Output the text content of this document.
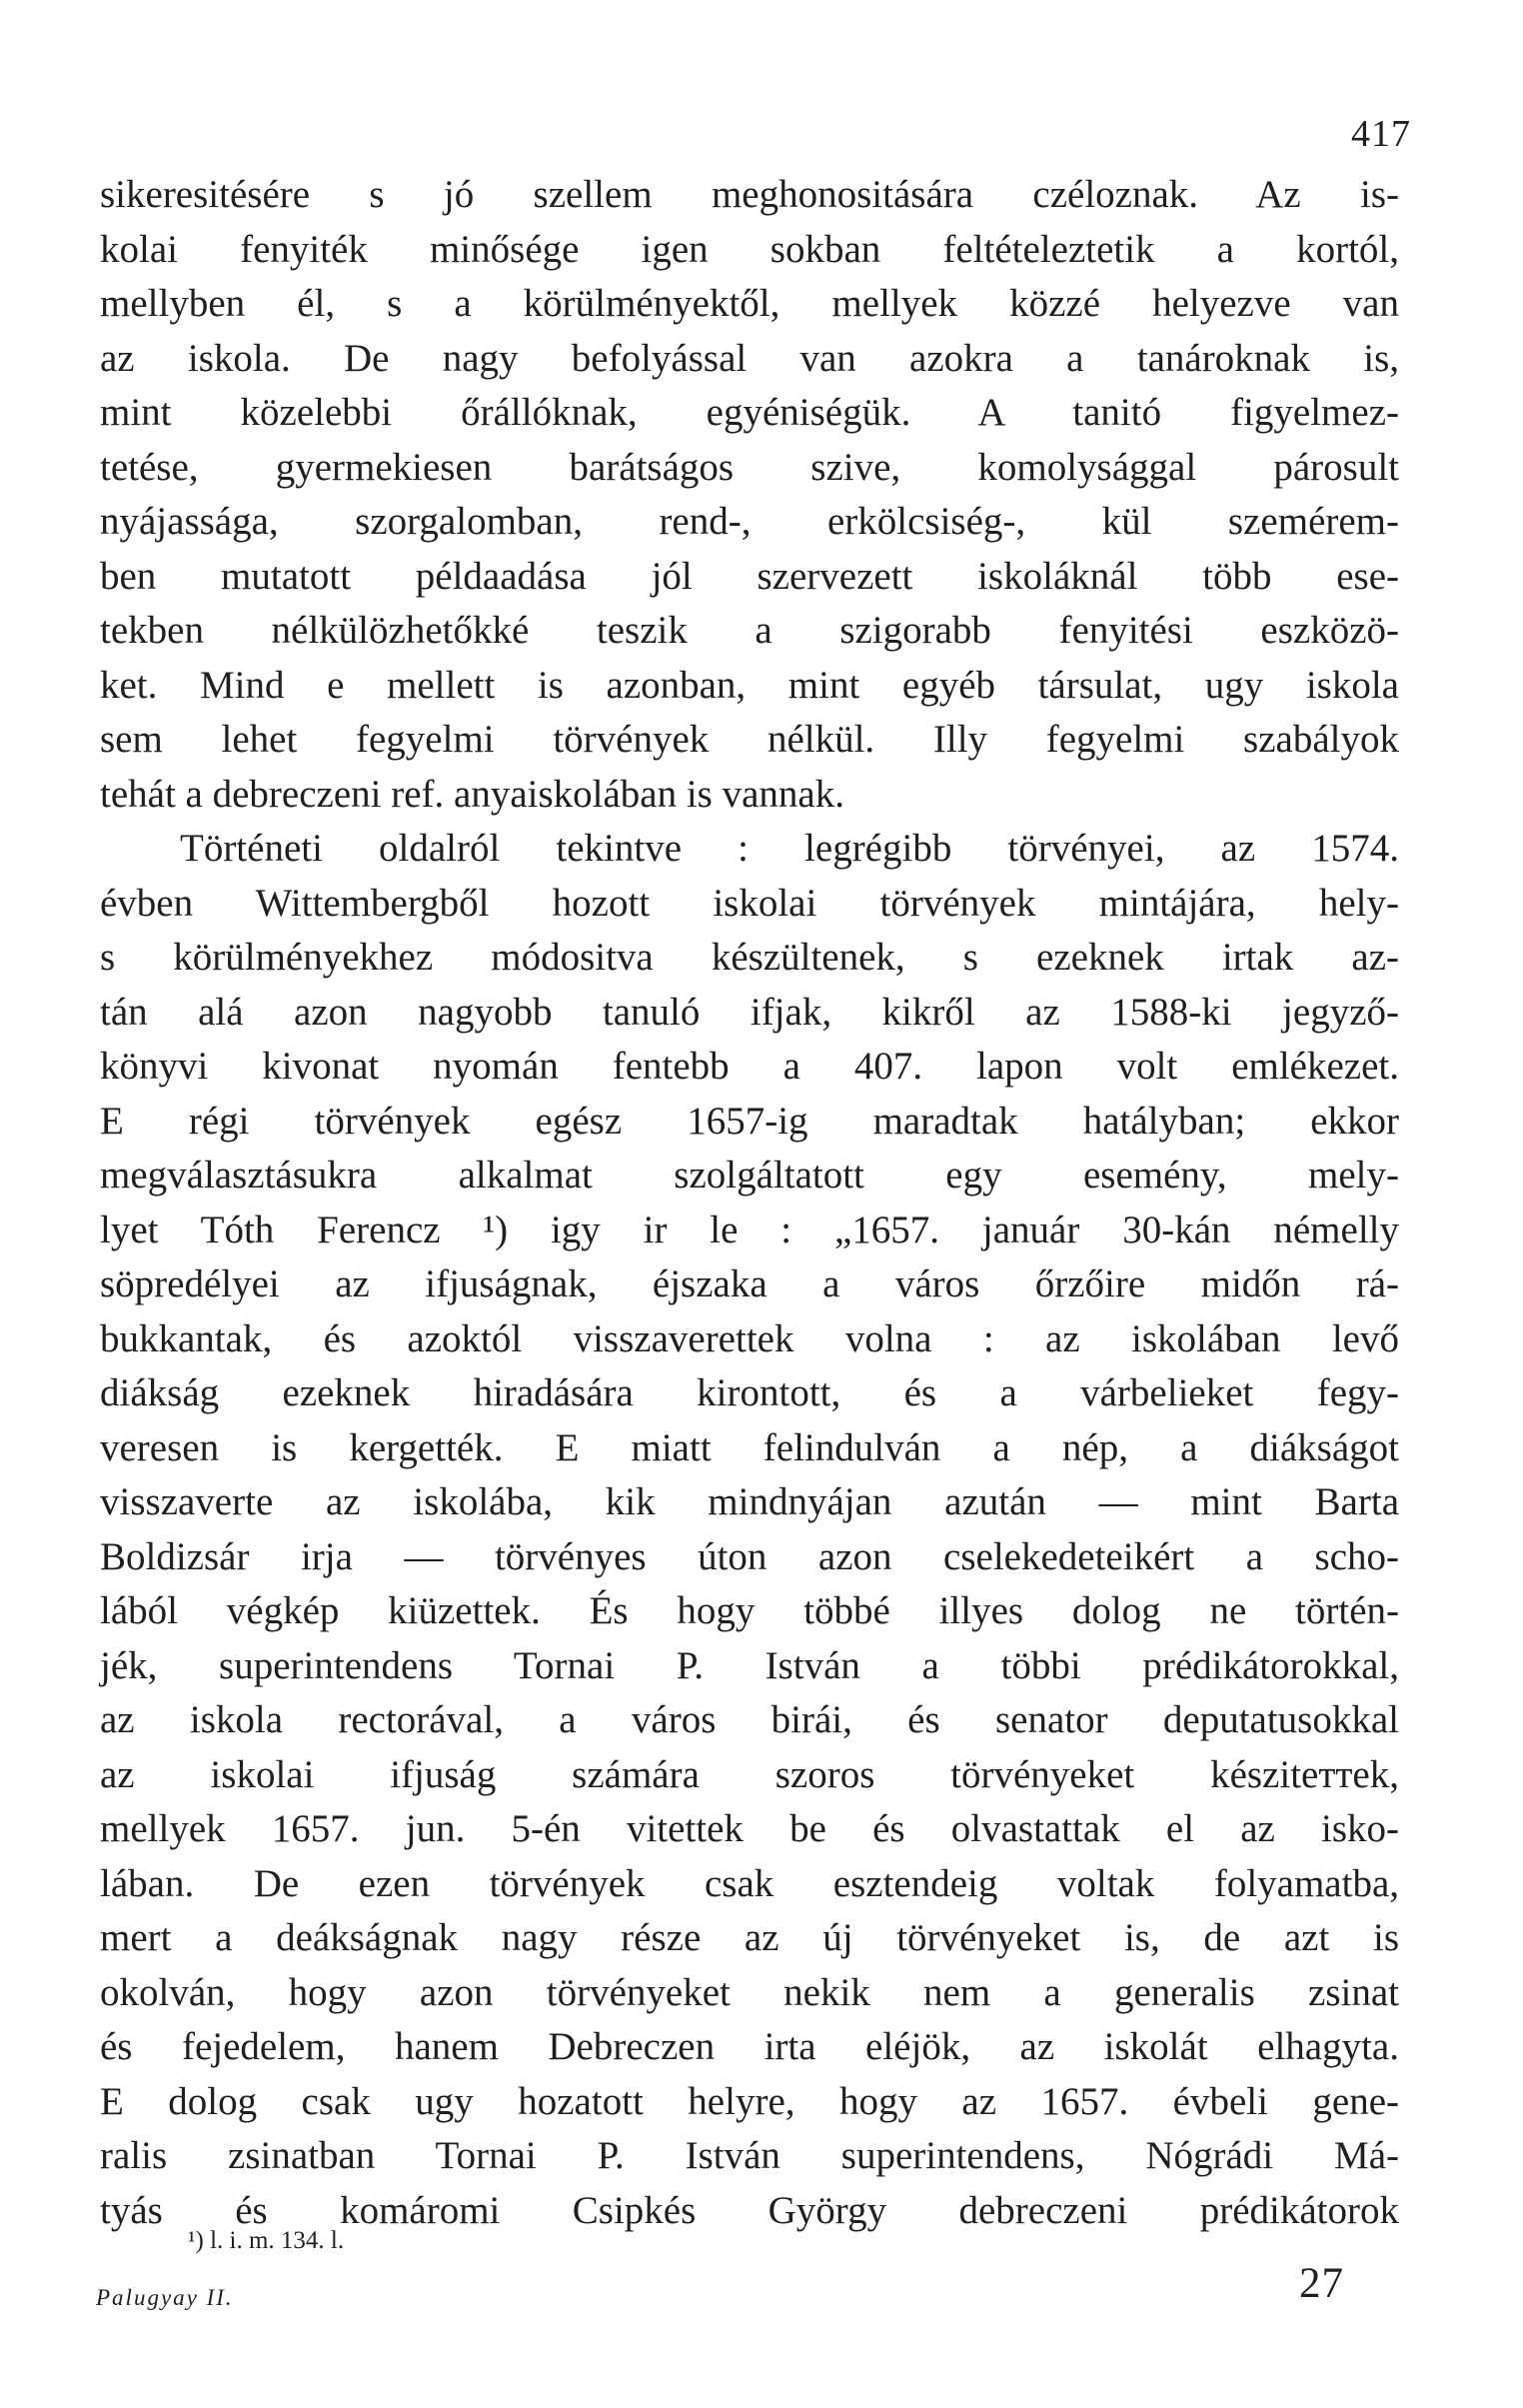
417
sikeresitésére s jó szellem meghonositására czéloznak. Az is-
kolai fenyiték minősége igen sokban feltételeztetik a kortól,
mellyben él, s a körülményektől, mellyek közzé helyezve van
az iskola. De nagy befolyással van azokra a tanároknak is,
mint közelebbi őrállóknak, egyéniségük. A tanitó figyelmez-
tetése, gyermekiesen barátságos szive, komolysággal párosult
nyájassága, szorgalomban, rend-, erkölcsiség-, kül szemérem-
ben mutatott példaadása jól szervezett iskoláknál több ese-
tekben nélkülözhetőkké teszik a szigorabb fenyitési eszközö-
ket. Mind e mellett is azonban, mint egyéb társulat, ugy iskola
sem lehet fegyelmi törvények nélkül. Illy fegyelmi szabályok
tehát a debreczeni ref. anyaiskolában is vannak.
Történeti oldalról tekintve : legrégibb törvényei, az 1574.
évben Wittembergből hozott iskolai törvények mintájára, hely-
s körülményekhez módositva készültenek, s ezeknek irtak az-
tán alá azon nagyobb tanuló ifjak, kikről az 1588-ki jegyző-
könyvi kivonat nyomán fentebb a 407. lapon volt emlékezet.
E régi törvények egész 1657-ig maradtak hatályban; ekkor
megválasztásukra alkalmat szolgáltatott egy esemény, mely-
lyet Tóth Ferencz ¹) igy ir le : „1657. január 30-kán némelly
söpredélyei az ifjuságnak, éjszaka a város őrzőire midőn rá-
bukkantak, és azoktól visszaverettek volna : az iskolában levő
diákság ezeknek hiradására kirontott, és a várbelieket fegy-
veresen is kergették. E miatt felindulván a nép, a diákságot
visszaverte az iskolába, kik mindnyájan azután — mint Barta
Boldizsár irja — törvényes úton azon cselekedeteikért a scho-
lából végkép kiüzettek. És hogy többé illyes dolog ne történ-
jék, superintendens Tornai P. István a többi prédikátorokkal,
az iskola rectorával, a város birái, és senator deputatusokkal
az iskolai ifjuság számára szoros törvényeket késziteттek,
mellyek 1657. jun. 5-én vitettek be és olvastattak el az isko-
lában. De ezen törvények csak esztendeig voltak folyamatba,
mert a deákságnak nagy része az új törvényeket is, de azt is
okolván, hogy azon törvényeket nekik nem a generalis zsinat
és fejedelem, hanem Debreczen irta eléjök, az iskolát elhagyta.
E dolog csak ugy hozatott helyre, hogy az 1657. évbeli gene-
ralis zsinatban Tornai P. István superintendens, Nógrádi Má-
tyás és komáromi Csipkés György debreczeni prédikátorok
¹) l. i. m. 134. l.
Palugyay II.	27
